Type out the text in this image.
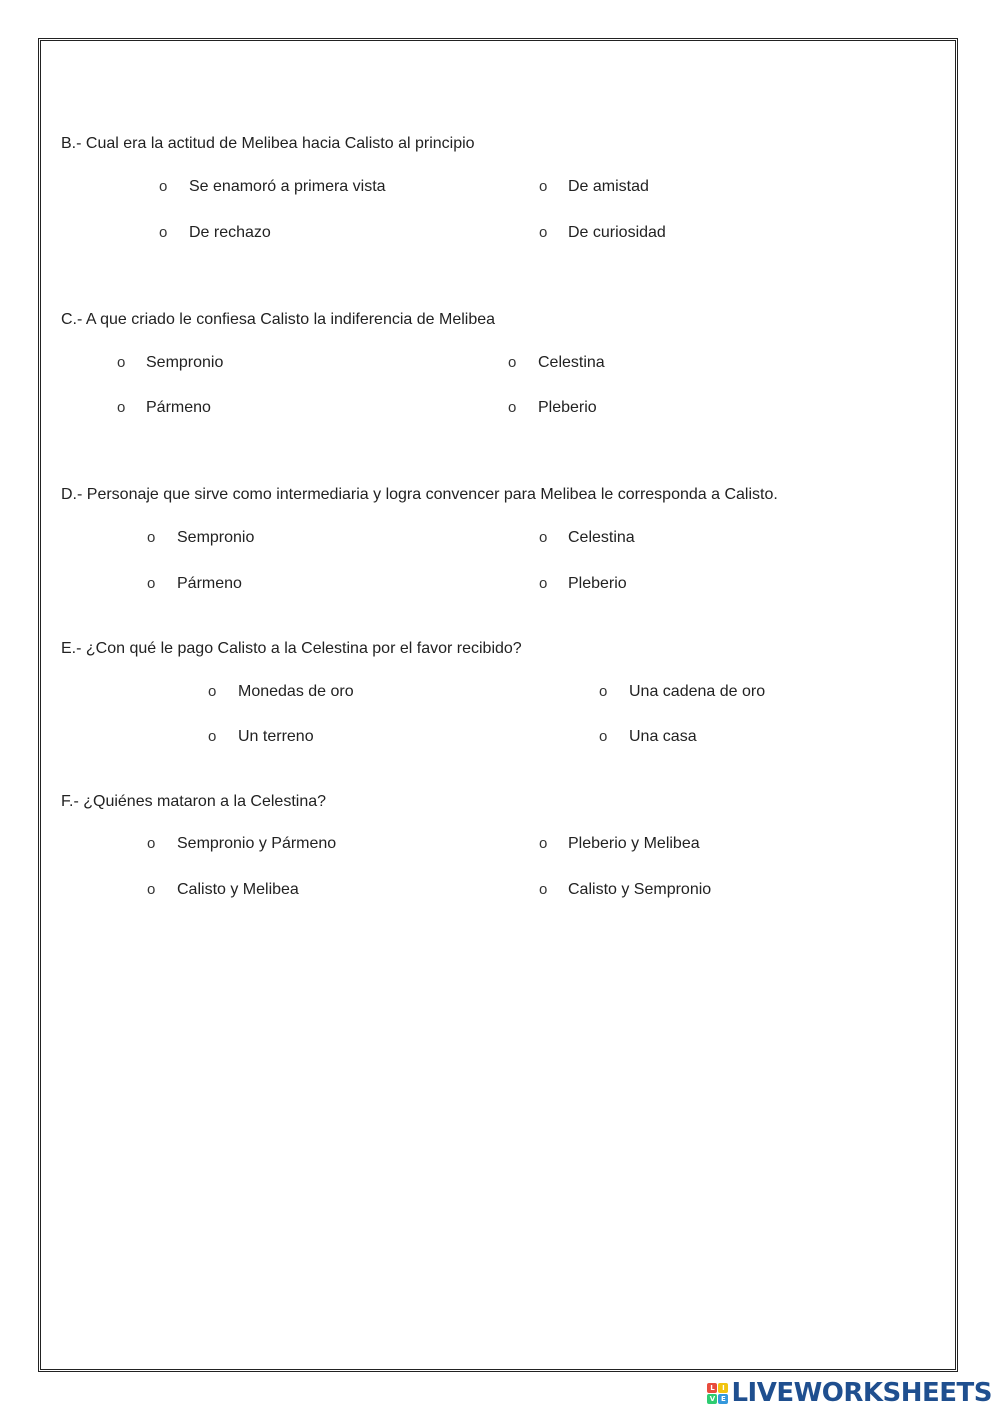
B.- Cual era la actitud de Melibea hacia Calisto al principio
o Se enamoró a primera vista	o De amistad
o De rechazo	o De curiosidad
C.- A que criado le confiesa Calisto la indiferencia de Melibea
o Sempronio	o Celestina
o Pármeno	o Pleberio
D.- Personaje que sirve como intermediaria y logra convencer para Melibea le corresponda a Calisto.
o Sempronio	o Celestina
o Pármeno	o Pleberio
E.- ¿Con qué le pago Calisto a la Celestina por el favor recibido?
o Monedas de oro	o Una cadena de oro
o Un terreno	o Una casa
F.- ¿Quiénes mataron a la Celestina?
o Sempronio y Pármeno	o Pleberio y Melibea
o Calisto y Melibea	o Calisto y Sempronio
L	I
V E LIVEWORKSHEETS
